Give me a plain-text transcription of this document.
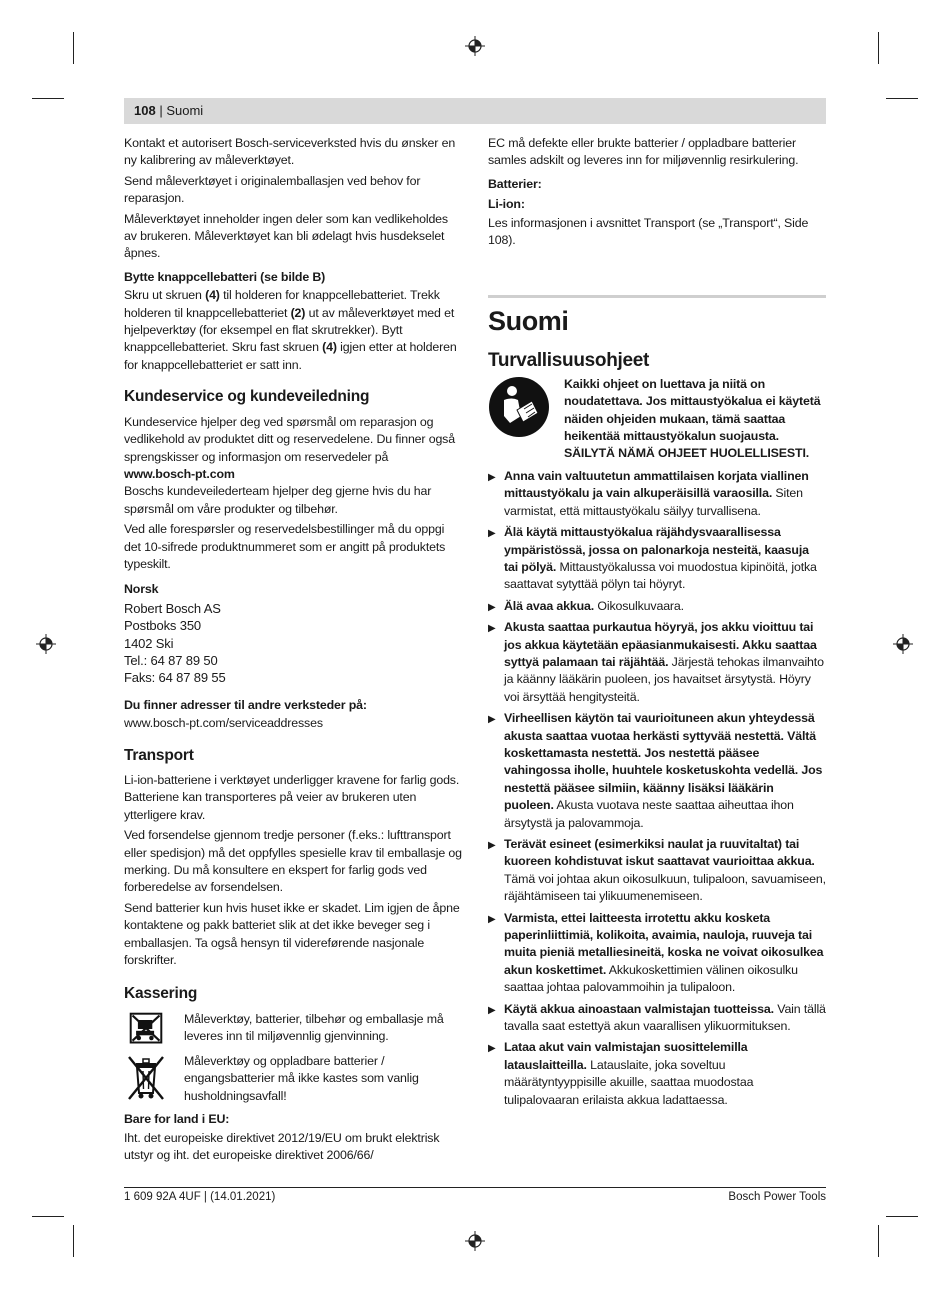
108 | Suomi

Kontakt et autorisert Bosch-serviceverksted hvis du ønsker en ny kalibrering av måleverktøyet.

Send måleverktøyet i originalemballasjen ved behov for reparasjon.

Måleverktøyet inneholder ingen deler som kan vedlikeholdes av brukeren. Måleverktøyet kan bli ødelagt hvis husdekselet åpnes.

Bytte knappcellebatteri (se bilde B)

Skru ut skruen (4) til holderen for knappcellebatteriet. Trekk holderen til knappcellebatteriet (2) ut av måleverktøyet med et hjelpeverktøy (for eksempel en flat skrutrekker). Bytt knappcellebatteriet. Skru fast skruen (4) igjen etter at holderen for knappcellebatteriet er satt inn.

Kundeservice og kundeveiledning

Kundeservice hjelper deg ved spørsmål om reparasjon og vedlikehold av produktet ditt og reservedelene. Du finner også sprengskisser og informasjon om reservedeler på
www.bosch-pt.com

Boschs kundeveilederteam hjelper deg gjerne hvis du har spørsmål om våre produkter og tilbehør.

Ved alle forespørsler og reservedelsbestillinger må du oppgi det 10-sifrede produktnummeret som er angitt på produktets typeskilt.

Norsk

Robert Bosch AS
Postboks 350
1402 Ski
Tel.: 64 87 89 50
Faks: 64 87 89 55

Du finner adresser til andre verksteder på:

www.bosch-pt.com/serviceaddresses

Transport

Li-ion-batteriene i verktøyet underligger kravene for farlig gods. Batteriene kan transporteres på veier av brukeren uten ytterligere krav.

Ved forsendelse gjennom tredje personer (f.eks.: lufttransport eller spedisjon) må det oppfylles spesielle krav til emballasje og merking. Du må konsultere en ekspert for farlig gods ved forberedelse av forsendelsen.

Send batterier kun hvis huset ikke er skadet. Lim igjen de åpne kontaktene og pakk batteriet slik at det ikke beveger seg i emballasjen. Ta også hensyn til videreførende nasjonale forskrifter.

Kassering
Måleverktøy, batterier, tilbehør og emballasje må leveres inn til miljøvennlig gjenvinning.
Måleverktøy og oppladbare batterier / engangsbatterier må ikke kastes som vanlig husholdningsavfall!

Bare for land i EU:

Iht. det europeiske direktivet 2012/19/EU om brukt elektrisk utstyr og iht. det europeiske direktivet 2006/66/

EC må defekte eller brukte batterier / oppladbare batterier samles adskilt og leveres inn for miljøvennlig resirkulering.

Batterier:

Li-ion:

Les informasjonen i avsnittet Transport (se „Transport“, Side 108).

Suomi
Turvallisuusohjeet
Kaikki ohjeet on luettava ja niitä on noudatettava. Jos mittaustyökalua ei käytetä näiden ohjeiden mukaan, tämä saattaa heikentää mittaustyökalun suojausta. SÄILYTÄ NÄMÄ OHJEET HUOLELLISESTI.
▶ Anna vain valtuutetun ammattilaisen korjata viallinen mittaustyökalu ja vain alkuperäisillä varaosilla. Siten varmistat, että mittaustyökalu säilyy turvallisena.
▶ Älä käytä mittaustyökalua räjähdysvaarallisessa ympäristössä, jossa on palonarkoja nesteitä, kaasuja tai pölyä. Mittaustyökalussa voi muodostua kipinöitä, jotka saattavat sytyttää pölyn tai höyryt.
▶ Älä avaa akkua. Oikosulkuvaara.
▶ Akusta saattaa purkautua höyryä, jos akku vioittuu tai jos akkua käytetään epäasianmukaisesti. Akku saattaa syttyä palamaan tai räjähtää. Järjestä tehokas ilmanvaihto ja käänny lääkärin puoleen, jos havaitset ärsytystä. Höyry voi ärsyttää hengitysteitä.
▶ Virheellisen käytön tai vaurioituneen akun yhteydessä akusta saattaa vuotaa herkästi syttyvää nestettä. Vältä koskettamasta nestettä. Jos nestettä pääsee vahingossa iholle, huuhtele kosketuskohta vedellä. Jos nestettä pääsee silmiin, käänny lisäksi lääkärin puoleen. Akusta vuotava neste saattaa aiheuttaa ihon ärsytystä ja palovammoja.
▶ Terävät esineet (esimerkiksi naulat ja ruuvitaltat) tai kuoreen kohdistuvat iskut saattavat vaurioittaa akkua. Tämä voi johtaa akun oikosulkuun, tulipaloon, savuamiseen, räjähtämiseen tai ylikuumenemiseen.
▶ Varmista, ettei laitteesta irrotettu akku kosketa paperinliittimiä, kolikoita, avaimia, nauloja, ruuveja tai muita pieniä metalliesineitä, koska ne voivat oikosulkea akun koskettimet. Akkukoskettimien välinen oikosulku saattaa johtaa palovammoihin ja tulipaloon.
▶ Käytä akkua ainoastaan valmistajan tuotteissa. Vain tällä tavalla saat estettyä akun vaarallisen ylikuormituksen.
▶ Lataa akut vain valmistajan suosittelemilla latauslaitteilla. Latauslaite, joka soveltuu määrätyntyyppisille akuille, saattaa muodostaa tulipalovaaran erilaista akkua ladattaessa.
1 609 92A 4UF | (14.01.2021)	Bosch Power Tools
